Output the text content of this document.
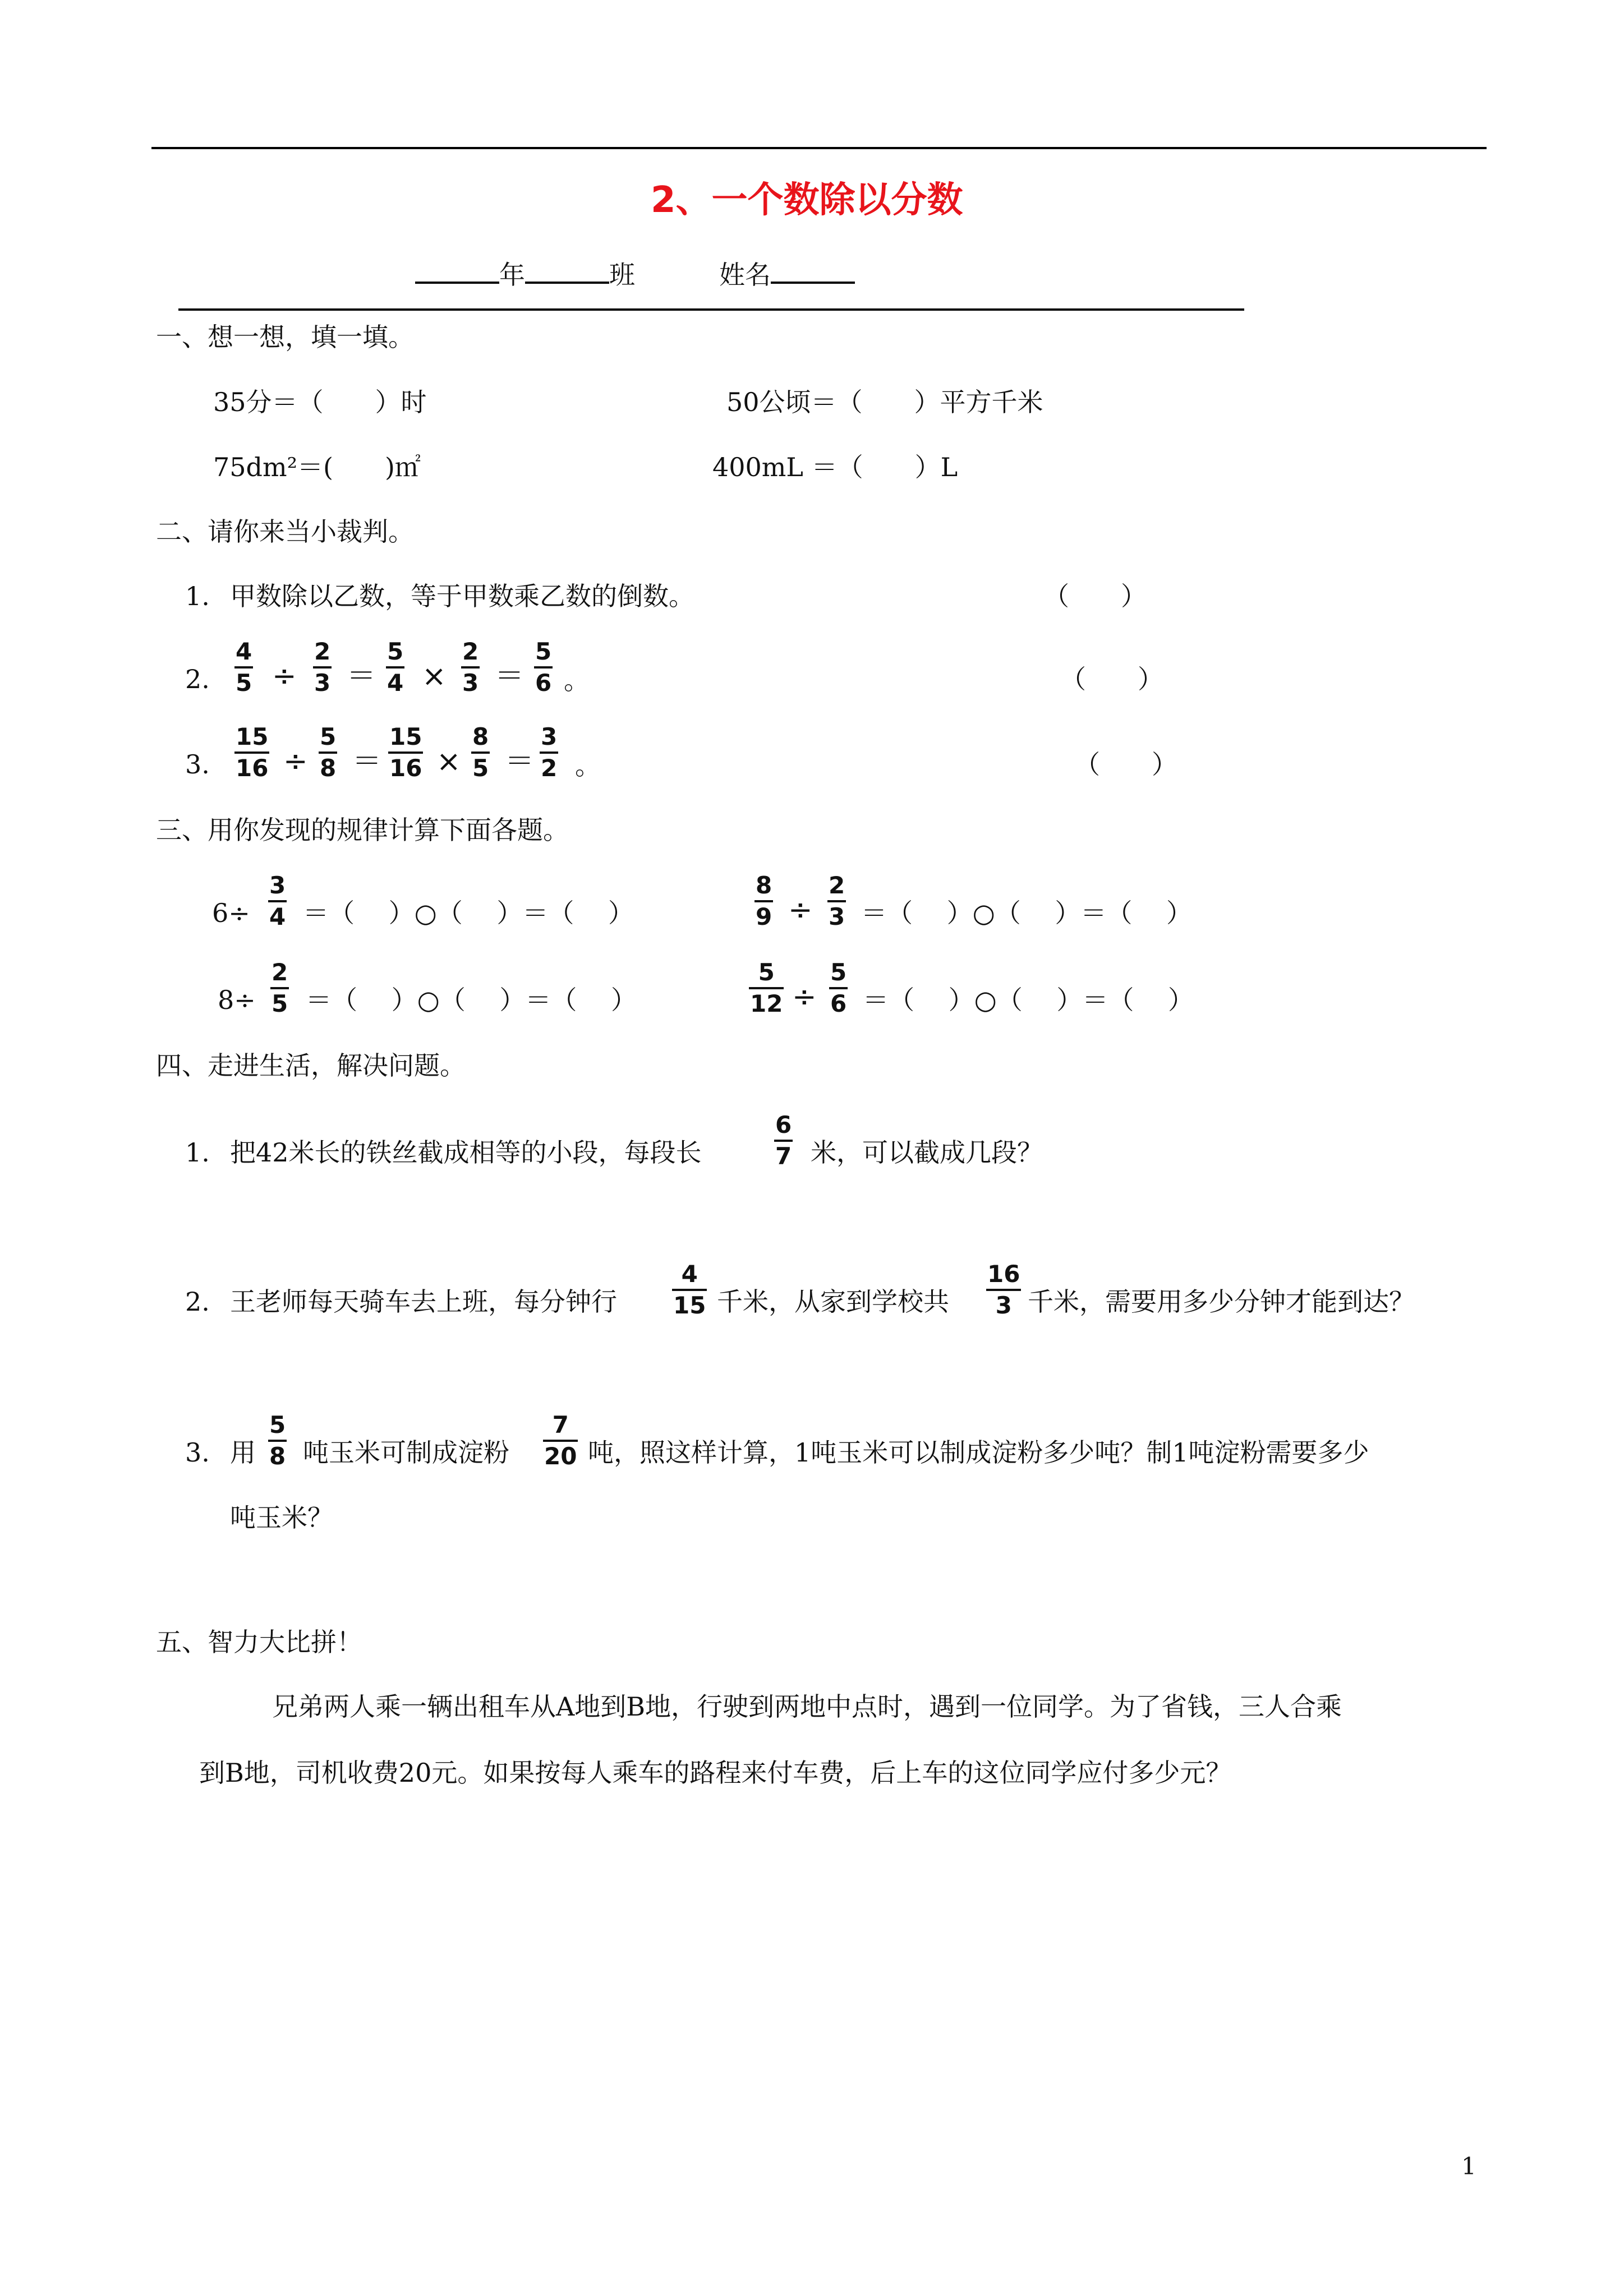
2、一个数除以分数
年	班	姓名
一、想一想，填一填。
35分＝（　　）时	50公顷＝（　　）平方千米
75dm²＝(　　)㎡	400mL ＝（　　）L
二、请你来当小裁判。
1. 甲数除以乙数，等于甲数乘乙数的倒数。	（　　）
2.
4
5 ÷
2
3 ＝
5
4 ×
2
3 ＝
5
6 。	（　　）
3.
15
16 ÷
5
8 ＝
15
16 ×
8
5 ＝
3
2 。	（　　）
三、用你发现的规律计算下面各题。
6÷
3
4 ＝（　 ）○（　 ）＝（　 ）
8
9 ÷
2
3 ＝（　 ）○（　 ）＝（　 ）
8÷
2
5 ＝（　 ）○（　 ）＝（　 ）
5
12 ÷
5
6 ＝（　 ）○（　 ）＝（　 ）
四、走进生活，解决问题。
1. 把42米长的铁丝截成相等的小段，每段长
6
7 米，可以截成几段？
2. 王老师每天骑车去上班，每分钟行
4
15 千米，从家到学校共
16
3 千米，需要用多少分钟才能到达？
3. 用
5
8 吨玉米可制成淀粉
7
20 吨，照这样计算，1吨玉米可以制成淀粉多少吨？制1吨淀粉需要多少
吨玉米？
五、智力大比拼！
兄弟两人乘一辆出租车从A地到B地，行驶到两地中点时，遇到一位同学。为了省钱，三人合乘
到B地，司机收费20元。如果按每人乘车的路程来付车费，后上车的这位同学应付多少元？
1
